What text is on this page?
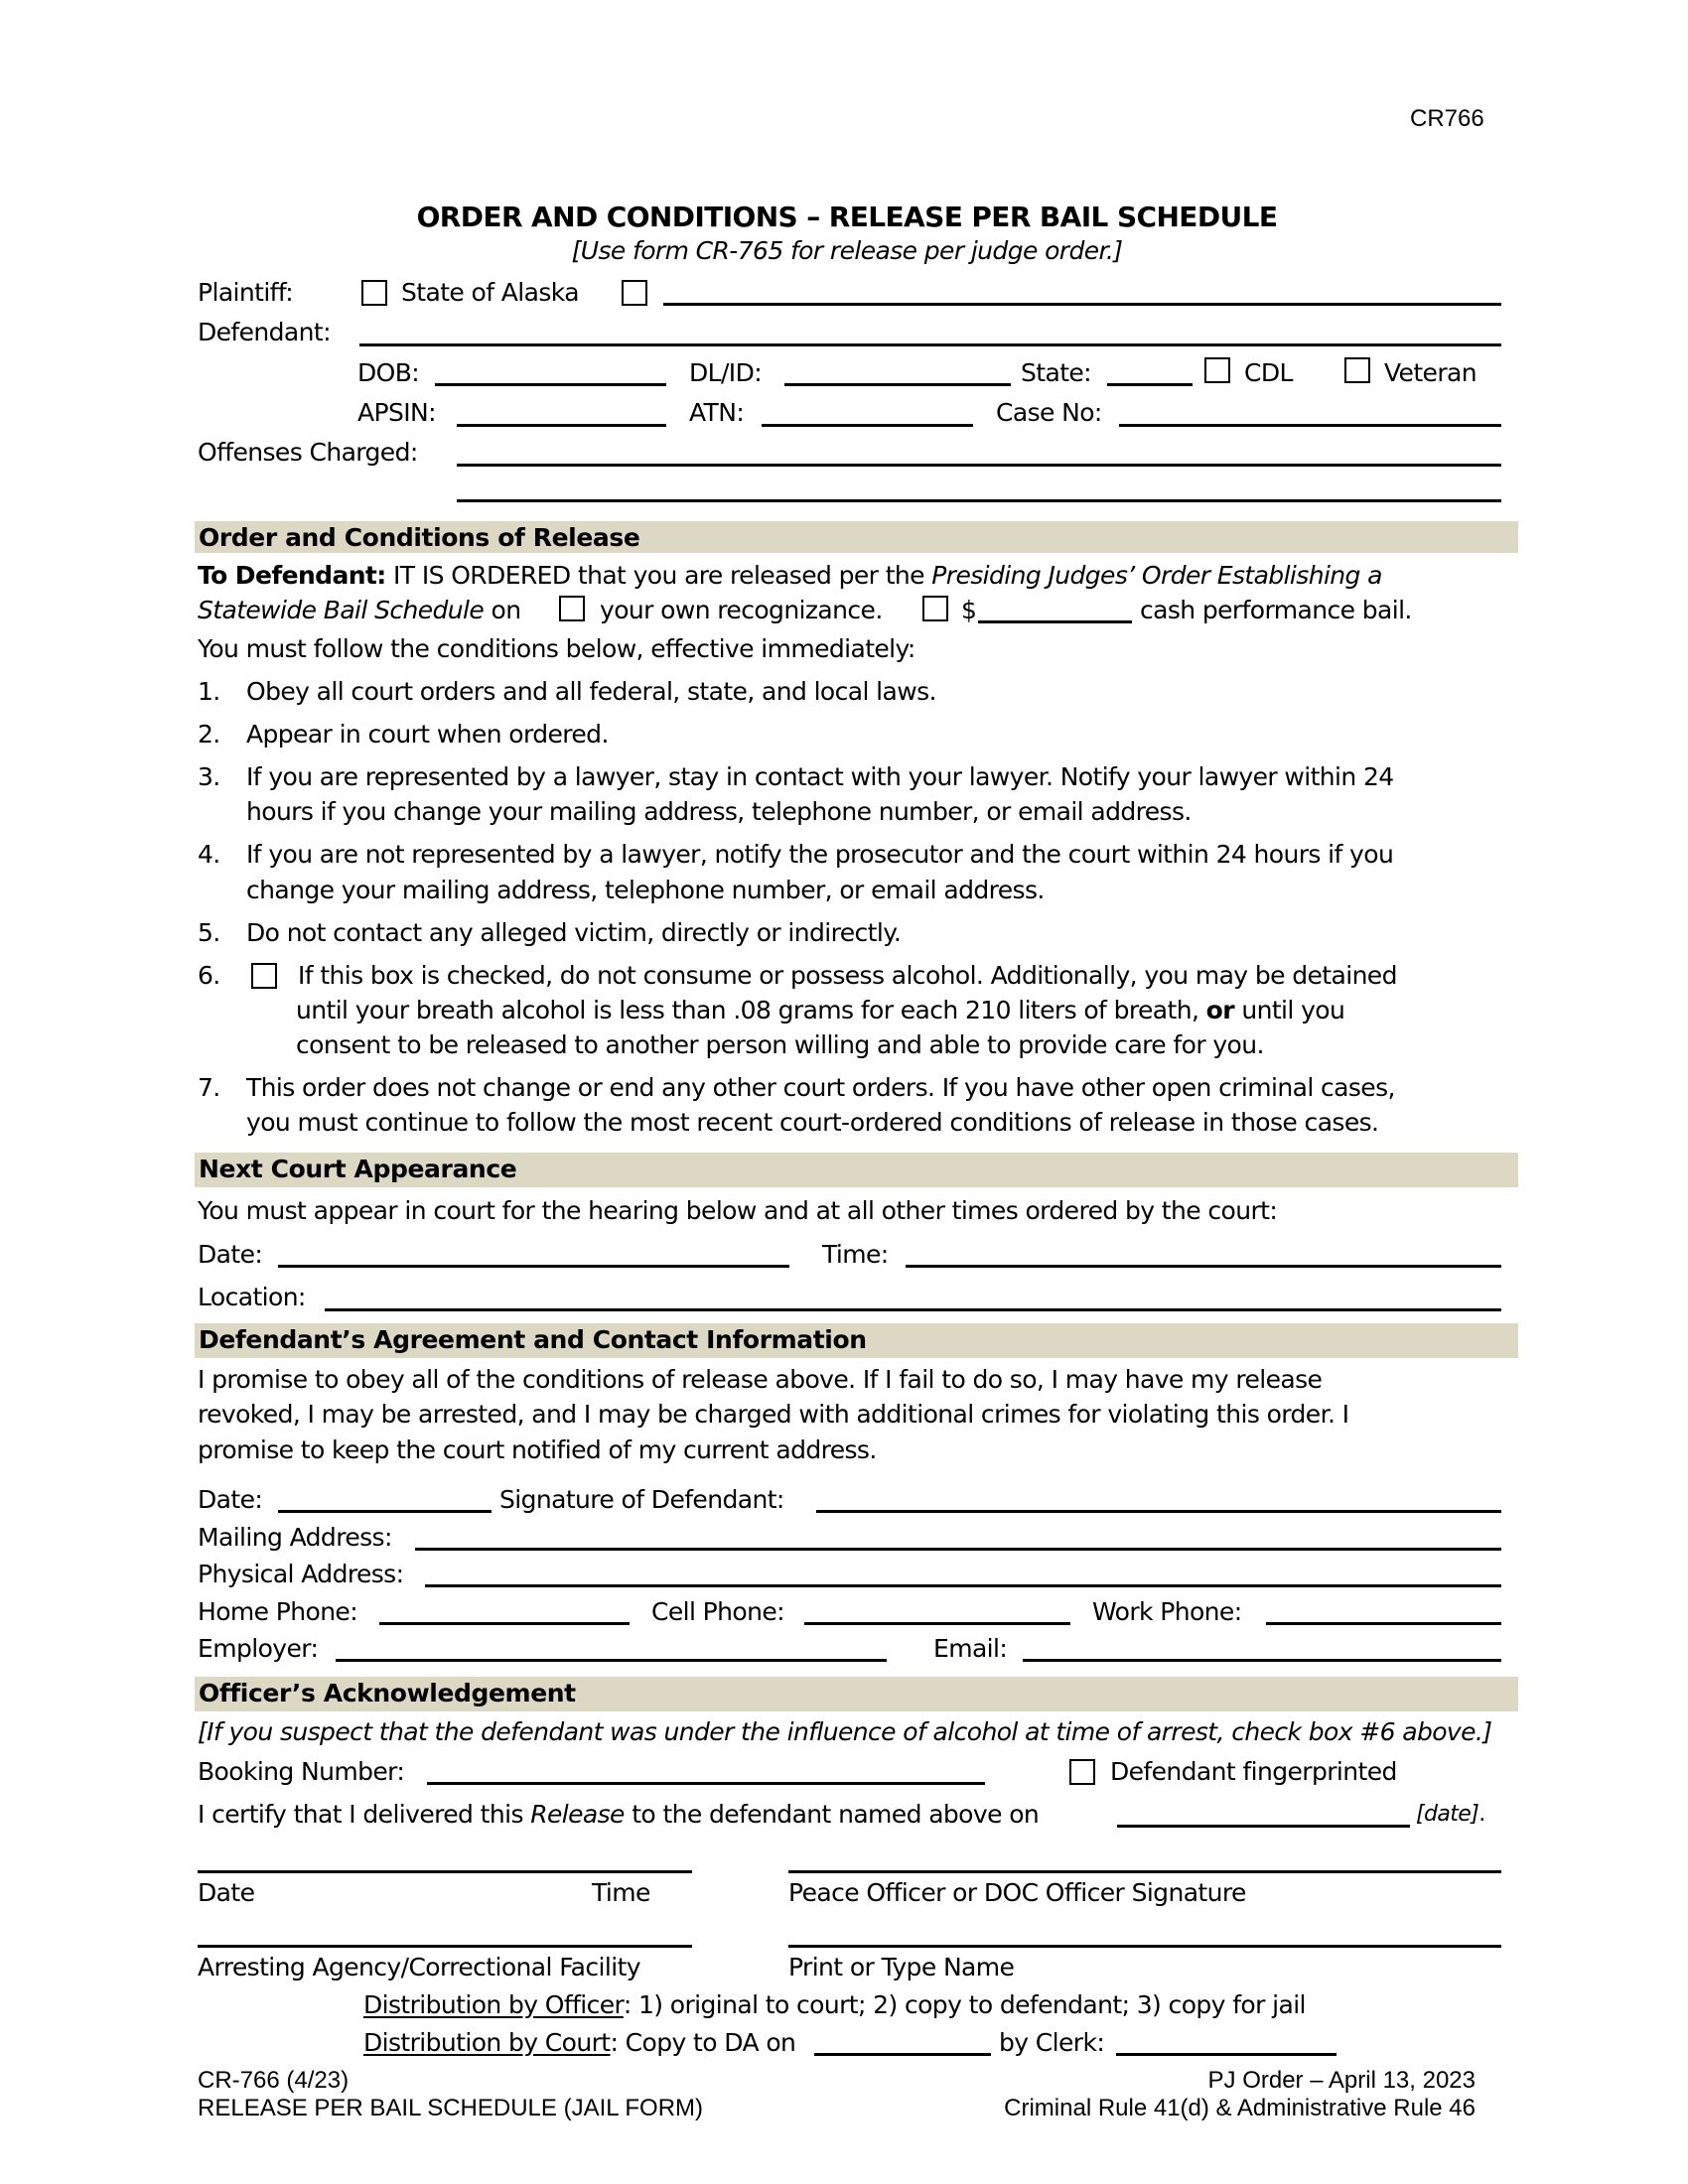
CR766
ORDER AND CONDITIONS – RELEASE PER BAIL SCHEDULE
[Use form CR-765 for release per judge order.]
Plaintiff:	State of Alaska
Defendant:
DOB:	DL/ID:	State:	CDL	Veteran
APSIN:	ATN:	Case No:
Offenses Charged:
Order and Conditions of Release
To Defendant: IT IS ORDERED that you are released per the Presiding Judges’ Order Establishing a
Statewide Bail Schedule on	your own recognizance.	$	cash performance bail.
You must follow the conditions below, effective immediately:
1. Obey all court orders and all federal, state, and local laws.
2. Appear in court when ordered.
3. If you are represented by a lawyer, stay in contact with your lawyer. Notify your lawyer within 24
hours if you change your mailing address, telephone number, or email address.
4. If you are not represented by a lawyer, notify the prosecutor and the court within 24 hours if you
change your mailing address, telephone number, or email address.
5. Do not contact any alleged victim, directly or indirectly.
6.	If this box is checked, do not consume or possess alcohol. Additionally, you may be detained
until your breath alcohol is less than .08 grams for each 210 liters of breath, or until you
consent to be released to another person willing and able to provide care for you.
7. This order does not change or end any other court orders. If you have other open criminal cases,
you must continue to follow the most recent court-ordered conditions of release in those cases.
Next Court Appearance
You must appear in court for the hearing below and at all other times ordered by the court:
Date:	Time:
Location:
Defendant’s Agreement and Contact Information
I promise to obey all of the conditions of release above. If I fail to do so, I may have my release
revoked, I may be arrested, and I may be charged with additional crimes for violating this order. I
promise to keep the court notified of my current address.
Date:	Signature of Defendant:
Mailing Address:
Physical Address:
Home Phone:	Cell Phone:	Work Phone:
Employer:	Email:
Officer’s Acknowledgement
[If you suspect that the defendant was under the influence of alcohol at time of arrest, check box #6 above.]
Booking Number:	Defendant fingerprinted
I certify that I delivered this Release to the defendant named above on	[date].
Date	Time	Peace Officer or DOC Officer Signature
Arresting Agency/Correctional Facility	Print or Type Name
Distribution by Officer: 1) original to court; 2) copy to defendant; 3) copy for jail
Distribution by Court: Copy to DA on	by Clerk:
CR-766 (4/23)
RELEASE PER BAIL SCHEDULE (JAIL FORM)
PJ Order – April 13, 2023
Criminal Rule 41(d) & Administrative Rule 46
